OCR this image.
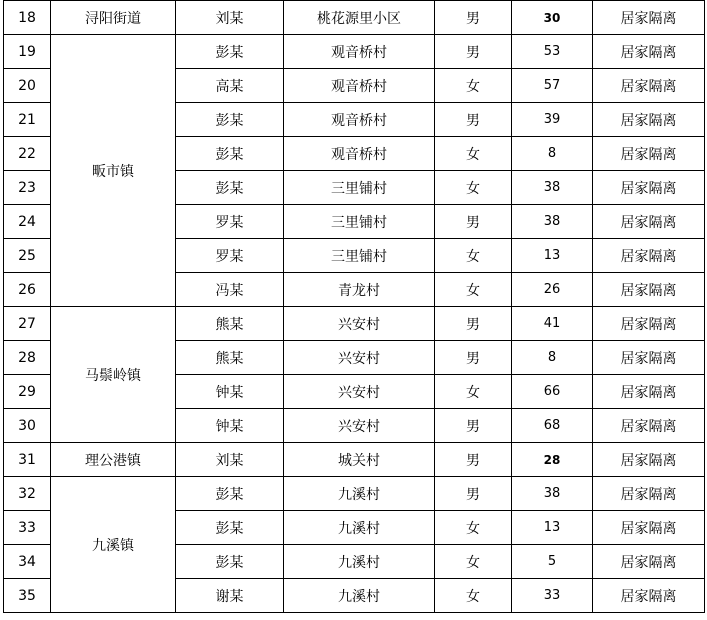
18	浔阳街道	刘某	桃花源里小区	男	30	居家隔离
19	畈市镇	彭某	观音桥村	男	53	居家隔离
20		高某	观音桥村	女	57	居家隔离
21		彭某	观音桥村	男	39	居家隔离
22		彭某	观音桥村	女	8	居家隔离
23		彭某	三里铺村	女	38	居家隔离
24		罗某	三里铺村	男	38	居家隔离
25		罗某	三里铺村	女	13	居家隔离
26		冯某	青龙村	女	26	居家隔离
27	马鬃岭镇	熊某	兴安村	男	41	居家隔离
28		熊某	兴安村	男	8	居家隔离
29		钟某	兴安村	女	66	居家隔离
30		钟某	兴安村	男	68	居家隔离
31	理公港镇	刘某	城关村	男	28	居家隔离
32	九溪镇	彭某	九溪村	男	38	居家隔离
33		彭某	九溪村	女	13	居家隔离
34		彭某	九溪村	女	5	居家隔离
35		谢某	九溪村	女	33	居家隔离
